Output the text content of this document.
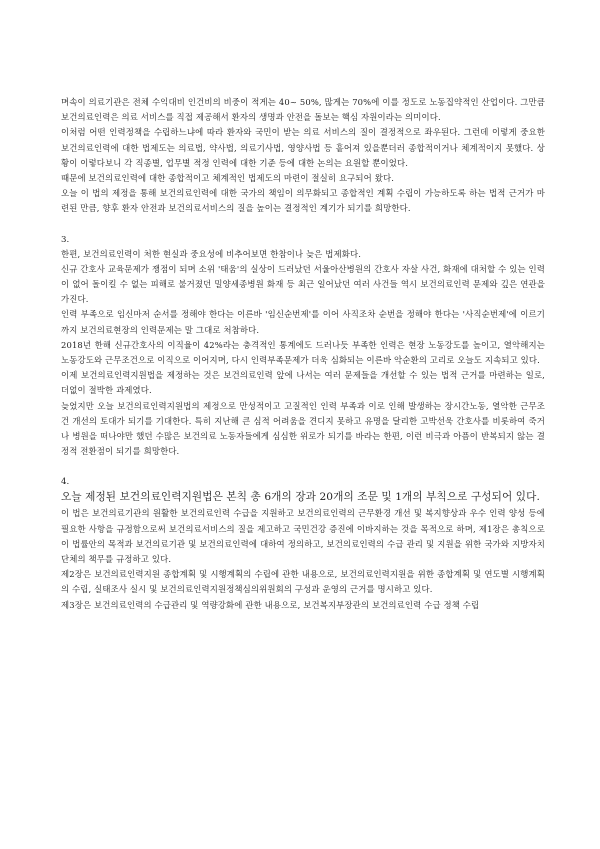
며속이 의료기관은 전체 수익대비 인건비의 비중이 적게는 40~ 50%, 많게는 70%에 이를 정도로 노동집약적인 산업이다. 그만큼 보건의료인력은 의료 서비스를 직접 제공해서 환자의 생명과 안전을 돌보는 핵심 자원이라는 의미이다.

이처럼 어떤 인력정책을 수립하느냐에 따라 환자와 국민이 받는 의료 서비스의 질이 결정적으로 좌우된다. 그런데 이렇게 중요한 보건의료인력에 대한 법제도는 의료법, 약사법, 의료기사법, 영양사법 등 흩어져 있을뿐더러 종합적이거나 체계적이지 못했다. 상황이 이렇다보니 각 직종별, 업무별 적정 인력에 대한 기준 등에 대한 논의는 요원할 뿐이었다.

때문에 보건의료인력에 대한 종합적이고 체계적인 법제도의 마련이 절실히 요구되어 왔다.

오늘 이 법의 제정을 통해 보건의료인력에 대한 국가의 책임이 의무화되고 종합적인 계획 수립이 가능하도록 하는 법적 근거가 마련된 만큼, 향후 환자 안전과 보건의료서비스의 질을 높이는 결정적인 계기가 되기를 희망한다.

3.

한편, 보건의료인력이 처한 현실과 중요성에 비추어보면 한참이나 늦은 법제화다.

신규 간호사 교육문제가 쟁점이 되며 소위 '태움'의 실상이 드러났던 서울아산병원의 간호사 자살 사건, 화재에 대처할 수 있는 인력이 없어 돌이킬 수 없는 피해로 불거졌던 밀양세종병원 화재 등 최근 일어났던 여러 사건들 역시 보건의료인력 문제와 깊은 연관을 가진다.

인력 부족으로 임신마저 순서를 정해야 한다는 이른바 '임신순번제'를 이어 사직조차 순번을 정해야 한다는 '사직순번제'에 이르기까지 보건의료현장의 인력문제는 말 그대로 처참하다.

2018년 한해 신규간호사의 이직율이 42%라는 충격적인 통계에도 드러나듯 부족한 인력은 현장 노동강도를 높이고, 열악해지는 노동강도와 근무조건으로 이직으로 이어지며, 다시 인력부족문제가 더욱 심화되는 이른바 악순환의 고리로 오늘도 지속되고 있다.

이제 보건의료인력지원법을 제정하는 것은 보건의료인력 앞에 나서는 여러 문제들을 개선할 수 있는 법적 근거를 마련하는 일로, 더없이 절박한 과제였다.

늦었지만 오늘 보건의료인력지원법의 제정으로 만성적이고 고질적인 인력 부족과 이로 인해 발생하는 장시간노동, 열악한 근무조건 개선의 토대가 되기를 기대한다. 특히 지난해 큰 심적 어려움을 견디지 못하고 유명을 달리한 고박선욱 간호사를 비롯하여 죽거나 병원을 떠나야만 했던 수많은 보건의료 노동자들에게 심심한 위로가 되기를 바라는 한편, 이런 비극과 아픔이 반복되지 않는 결정적 전환점이 되기를 희망한다.

4.

오늘 제정된 보건의료인력지원법은 본칙 총 6개의 장과 20개의 조문 및 1개의 부칙으로 구성되어 있다.

이 법은 보건의료기관의 원활한 보건의료인력 수급을 지원하고 보건의료인력의 근무환경 개선 및 복지향상과 우수 인력 양성 등에 필요한 사항을 규정함으로써 보건의료서비스의 질을 제고하고 국민건강 증진에 이바지하는 것을 목적으로 하며, 제1장은 총칙으로 이 법률안의 목적과 보건의료기관 및 보건의료인력에 대하여 정의하고, 보건의료인력의 수급 관리 및 지원을 위한 국가와 지방자치단체의 책무를 규정하고 있다.

제2장은 보건의료인력지원 종합계획 및 시행계획의 수립에 관한 내용으로, 보건의료인력지원을 위한 종합계획 및 연도별 시행계획의 수립, 실태조사 실시 및 보건의료인력지원정책심의위원회의 구성과 운영의 근거를 명시하고 있다.

제3장은 보건의료인력의 수급관리 및 역량강화에 관한 내용으로, 보건복지부장관의 보건의료인력 수급 정책 수립
